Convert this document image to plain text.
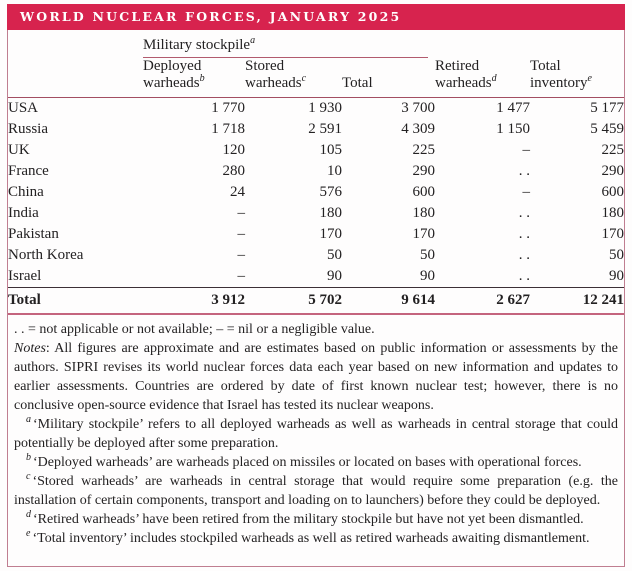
WORLD NUCLEAR FORCES, JANUARY 2025

	Military stockpile$^a$

	Deployed
warheads$^b$	Stored
warheads$^c$	Total	Retired
warheads$^d$	Total
inventory$^e$

USA	1 770	1 930	3 700	1 477	5 177
Russia	1 718	2 591	4 309	1 150	5 459
UK	120	105	225	–	225
France	280	10	290	. .	290
China	24	576	600	–	600
India	–	180	180	. .	180
Pakistan	–	170	170	. .	170
North Korea	–	50	50	. .	50
Israel	–	90	90	. .	90
Total	3 912	5 702	9 614	2 627	12 241

. . = not applicable or not available; – = nil or a negligible value.

Notes: All figures are approximate and are estimates based on public information or assessments by the authors. SIPRI revises its world nuclear forces data each year based on new information and updates to earlier assessments. Countries are ordered by date of first known nuclear test; however, there is no conclusive open-source evidence that Israel has tested its nuclear weapons.

$^a$ ‘Military stockpile’ refers to all deployed warheads as well as warheads in central storage that could potentially be deployed after some preparation.

$^b$ ‘Deployed warheads’ are warheads placed on missiles or located on bases with operational forces.

$^c$ ‘Stored warheads’ are warheads in central storage that would require some preparation (e.g. the installation of certain components, transport and loading on to launchers) before they could be deployed.

$^d$ ‘Retired warheads’ have been retired from the military stockpile but have not yet been dismantled.

$^e$ ‘Total inventory’ includes stockpiled warheads as well as retired warheads awaiting dismantlement.
